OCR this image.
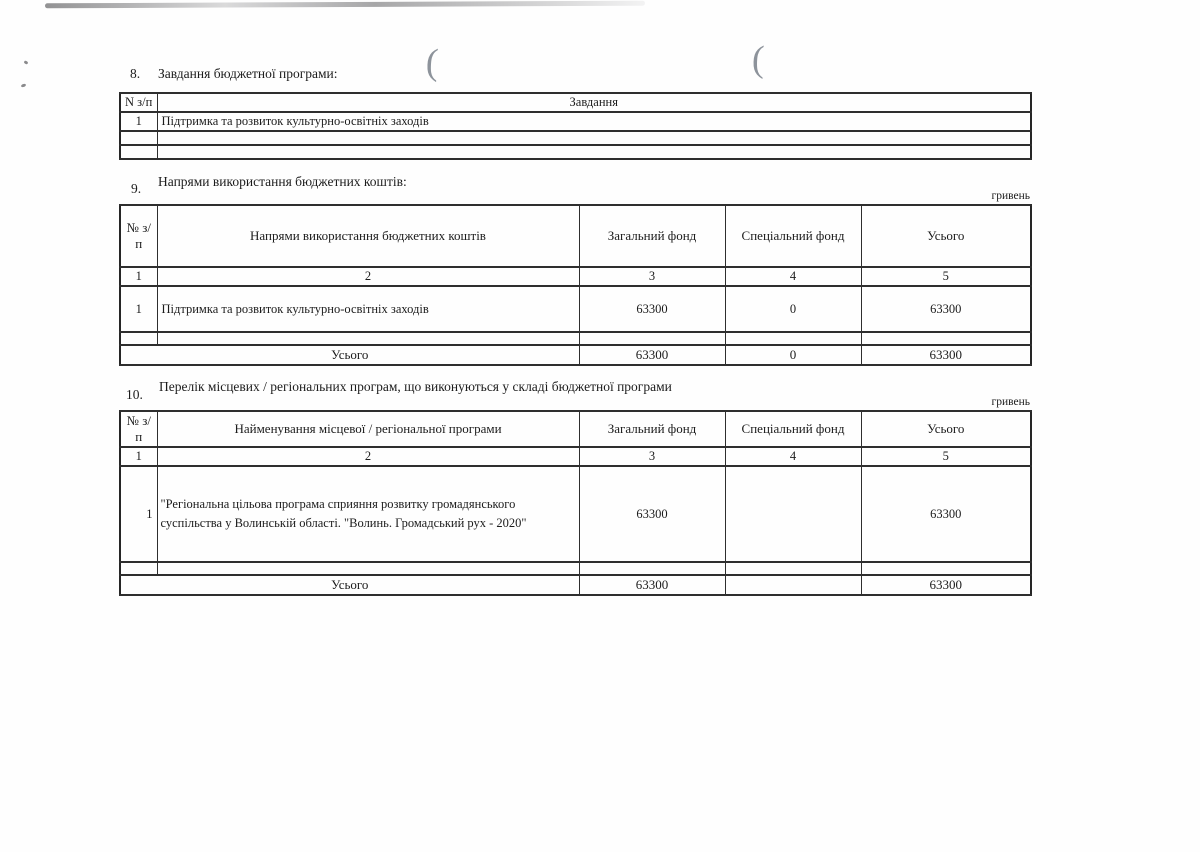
(	(
8. Завдання бюджетної програми:
N з/п	Завдання
1	Підтримка та розвиток культурно-освітніх заходів

9. Напрями використання бюджетних коштів:
гривень
№ з/п	Напрями використання бюджетних коштів	Загальний фонд	Спеціальний фонд	Усього
1	2	3	4	5
1	Підтримка та розвиток культурно-освітніх заходів	63300	0	63300

Усього		63300	0	63300
10.
Перелік місцевих / регіональних програм, що виконуються у складі бюджетної програми
гривень
№ з/п	Найменування місцевої / регіональної програми	Загальний фонд	Спеціальний фонд	Усього
1	2	3	4	5
1	"Регіональна цільова програма сприяння розвитку громадянського суспільства у Волинській області. "Волинь. Громадський рух - 2020"	63300		63300

Усього		63300		63300
